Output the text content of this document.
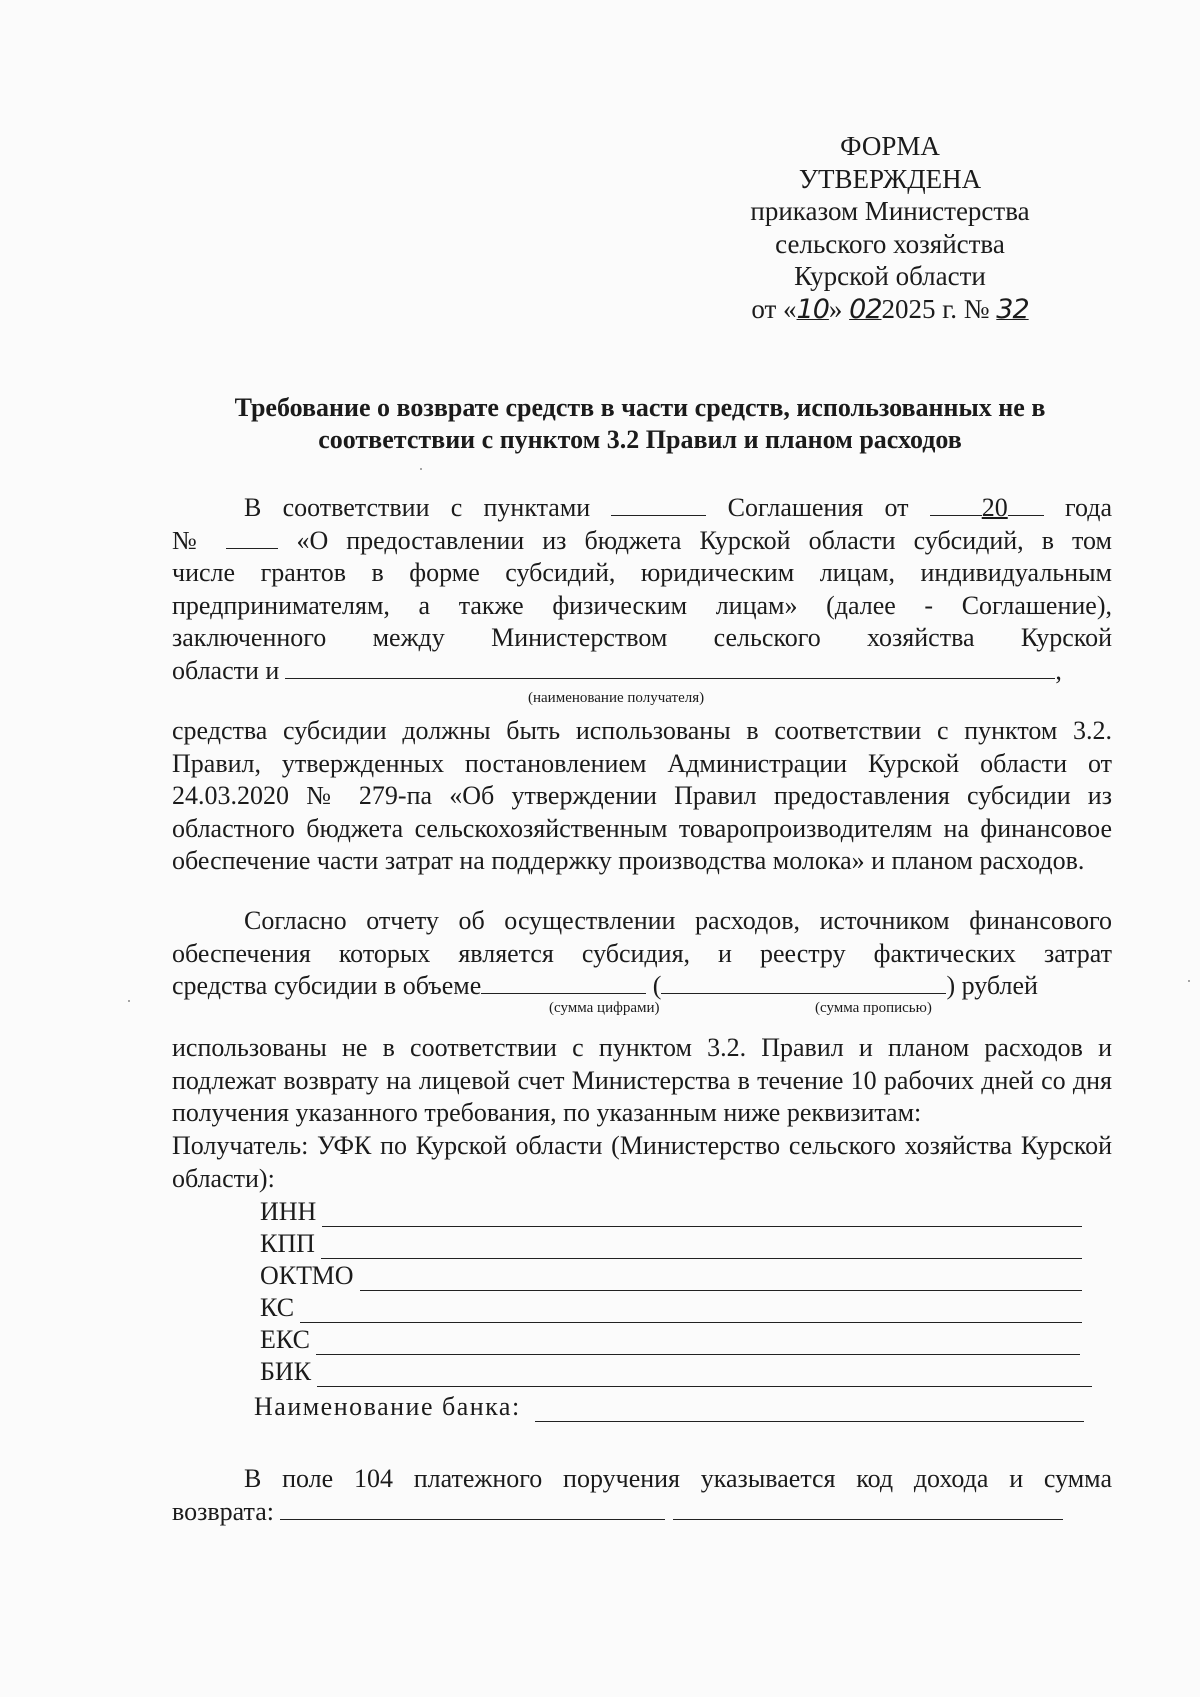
ФОРМА
УТВЕРЖДЕНА
приказом Министерства
сельского хозяйства
Курской области
от «10» 022025 г. № 32
Требование о возврате средств в части средств, использованных не в
соответствии с пунктом 3.2 Правил и планом расходов
В соответствии с пунктами	Соглашения от	20 года
№	«О предоставлении из бюджета Курской области субсидий, в том
числе грантов в форме субсидий, юридическим лицам, индивидуальным
предпринимателям, а также физическим лицам» (далее - Соглашение),
заключенного между Министерством сельского хозяйства Курской
области и	,
(наименование получателя)
средства субсидии должны быть использованы в соответствии с пунктом 3.2. Правил, утвержденных постановлением Администрации Курской области от 24.03.2020 № 279-па «Об утверждении Правил предоставления субсидии из областного бюджета сельскохозяйственным товаропроизводителям на финансовое обеспечение части затрат на поддержку производства молока» и планом расходов.
Согласно отчету об осуществлении расходов, источником финансового
обеспечения которых является субсидия, и реестру фактических затрат
средства субсидии в объеме	(	) рублей
(сумма цифрами)	(сумма прописью)
использованы не в соответствии с пунктом 3.2. Правил и планом расходов и подлежат возврату на лицевой счет Министерства в течение 10 рабочих дней со дня получения указанного требования, по указанным ниже реквизитам:
Получатель: УФК по Курской области (Министерство сельского хозяйства Курской области):
ИНН
КПП
ОКТМО
КС
ЕКС
БИК
Наименование банка:
В поле 104 платежного поручения указывается код дохода и сумма
возврата:
